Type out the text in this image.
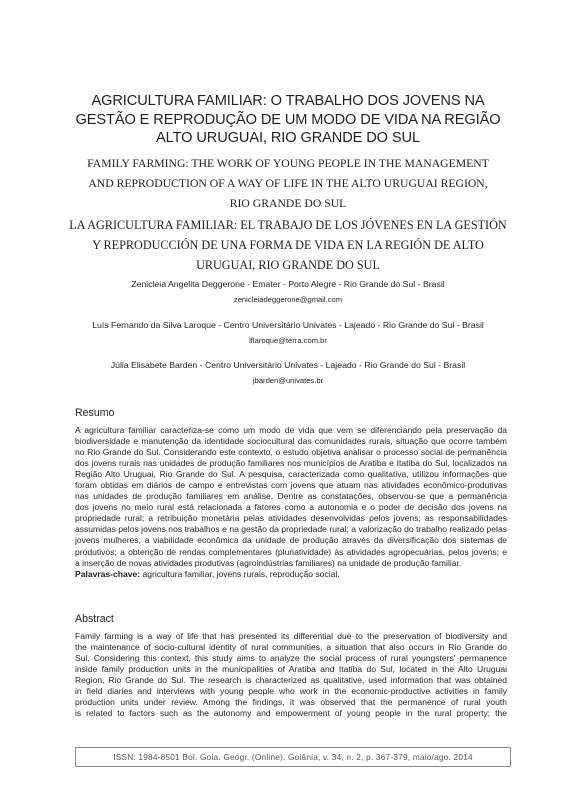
AGRICULTURA FAMILIAR: O TRABALHO DOS JOVENS NA
GESTÃO E REPRODUÇÃO DE UM MODO DE VIDA NA REGIÃO
ALTO URUGUAI, RIO GRANDE DO SUL
FAMILY FARMING: THE WORK OF YOUNG PEOPLE IN THE MANAGEMENT
AND REPRODUCTION OF A WAY OF LIFE IN THE ALTO URUGUAI REGION,
RIO GRANDE DO SUL
LA AGRICULTURA FAMILIAR: EL TRABAJO DE LOS JÓVENES EN LA GESTIÓN
Y REPRODUCCIÓN DE UNA FORMA DE VIDA EN LA REGIÓN DE ALTO
URUGUAI, RIO GRANDE DO SUL
Zenicleia Angelita Deggerone - Emater - Porto Alegre - Rio Grande do Sul - Brasil
zenicleiadeggerone@gmail.com
Luís Fernando da Silva Laroque - Centro Universitário Univates - Lajeado - Rio Grande do Sul - Brasil
lflaroque@terra.com.br
Júlia Elisabete Barden - Centro Universitário Univates - Lajeado - Rio Grande do Sul - Brasil
jbarden@univates.br
Resumo
A agricultura familiar caracteriza-se como um modo de vida que vem se diferenciando pela preservação da
biodiversidade e manutenção da identidade sociocultural das comunidades rurais, situação que ocorre também
no Rio Grande do Sul. Considerando este contexto, o estudo objetiva analisar o processo social de permanência
dos jovens rurais nas unidades de produção familiares nos municípios de Aratiba e Itatiba do Sul, localizados na
Região Alto Uruguai, Rio Grande do Sul. A pesquisa, caracterizada como qualitativa, utilizou informações que
foram obtidas em diários de campo e entrevistas com jovens que atuam nas atividades econômico-produtivas
nas unidades de produção familiares em análise. Dentre as constatações, observou-se que a permanência
dos jovens no meio rural está relacionada a fatores como a autonomia e o poder de decisão dos jovens na
propriedade rural; a retribuição monetária pelas atividades desenvolvidas pelos jovens; as responsabilidades
assumidas pelos jovens nos trabalhos e na gestão da propriedade rural; a valorização do trabalho realizado pelas
jovens mulheres; a viabilidade econômica da unidade de produção através da diversificação dos sistemas de
produtivos; a obtenção de rendas complementares (pluriatividade) às atividades agropecuárias, pelos jovens; e
a inserção de novas atividades produtivas (agroindústrias familiares) na unidade de produção familiar.
Palavras-chave: agricultura familiar, jovens rurais, reprodução social.
Abstract
Family farming is a way of life that has presented its differential due to the preservation of biodiversity and
the maintenance of socio-cultural identity of rural communities, a situation that also occurs in Rio Grande do
Sul. Considering this context, this study aims to analyze the social process of rural youngsters' permanence
inside family production units in the municipalities of Aratiba and Itatiba do Sul, located in the Alto Uruguai
Region, Rio Grande do Sul. The research is characterized as qualitative, used information that was obtained
in field diaries and interviews with young people who work in the economic-productive activities in family
production units under review. Among the findings, it was observed that the permanence of rural youth
is related to factors such as the autonomy and empowerment of young people in the rural property; the
ISSN: 1984-8501 Bol. Goia. Geogr. (Online). Goiânia, v. 34, n. 2, p. 367-379, maio/ago. 2014
